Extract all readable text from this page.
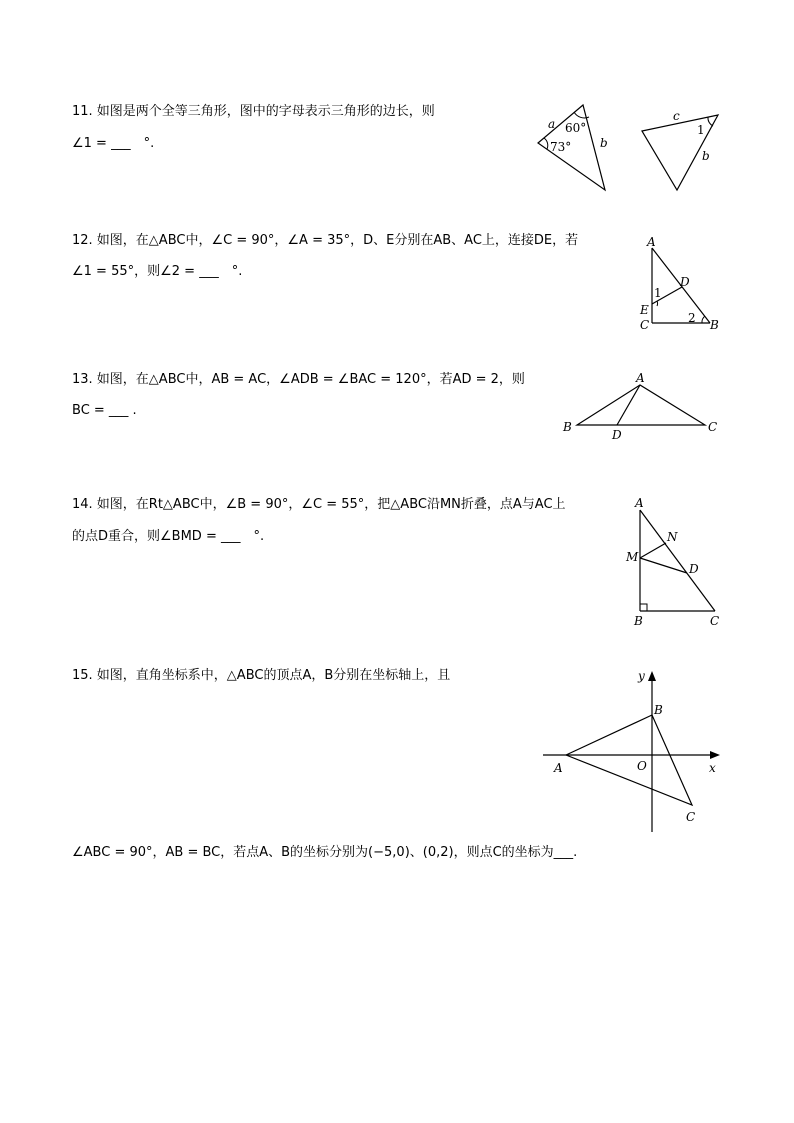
11. 如图是两个全等三角形，图中的字母表示三角形的边长，则
∠1 = ___　°.
a
b
60°
73°
c
b
1
12. 如图，在△ABC中，∠C = 90°，∠A = 35°，D、E分别在AB、AC上，连接DE，若
∠1 = 55°，则∠2 = ___　°.
A
D
E
C	B
1
2
13. 如图，在△ABC中，AB = AC，∠ADB = ∠BAC = 120°，若AD = 2，则
BC = ___ .
A
B	C
D
14. 如图，在Rt△ABC中，∠B = 90°，∠C = 55°，把△ABC沿MN折叠，点A与AC上
的点D重合，则∠BMD = ___　°.
A
N
M
D
B	C
15. 如图，直角坐标系中，△ABC的顶点A，B分别在坐标轴上，且
∠ABC = 90°，AB = BC，若点A、B的坐标分别为(−5,0)、(0,2)，则点C的坐标为___.
y
x
A
B
C
O
